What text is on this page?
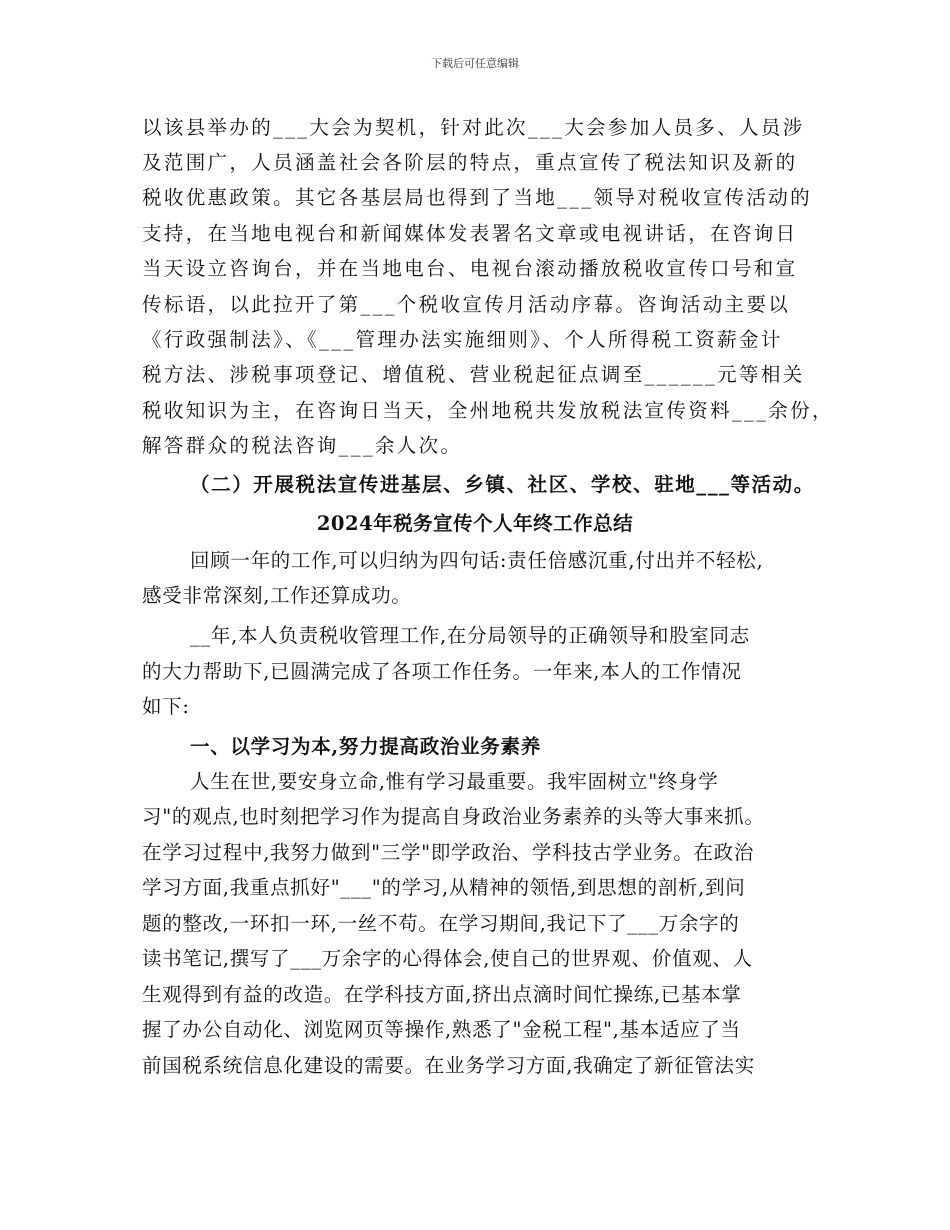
下载后可任意编辑
以该县举办的___大会为契机，针对此次___大会参加人员多、人员涉
及范围广，人员涵盖社会各阶层的特点，重点宣传了税法知识及新的
税收优惠政策。其它各基层局也得到了当地___领导对税收宣传活动的
支持，在当地电视台和新闻媒体发表署名文章或电视讲话，在咨询日
当天设立咨询台，并在当地电台、电视台滚动播放税收宣传口号和宣
传标语，以此拉开了第___个税收宣传月活动序幕。咨询活动主要以
《行政强制法》、《___管理办法实施细则》、个人所得税工资薪金计
税方法、涉税事项登记、增值税、营业税起征点调至______元等相关
税收知识为主，在咨询日当天，全州地税共发放税法宣传资料___余份，
解答群众的税法咨询___余人次。
（二）开展税法宣传进基层、乡镇、社区、学校、驻地___等活动。
2024年税务宣传个人年终工作总结
回顾一年的工作,可以归纳为四句话:责任倍感沉重,付出并不轻松,
感受非常深刻,工作还算成功。
__年,本人负责税收管理工作,在分局领导的正确领导和股室同志
的大力帮助下,已圆满完成了各项工作任务。一年来,本人的工作情况
如下:
一、以学习为本,努力提高政治业务素养
人生在世,要安身立命,惟有学习最重要。我牢固树立"终身学
习"的观点,也时刻把学习作为提高自身政治业务素养的头等大事来抓。
在学习过程中,我努力做到"三学"即学政治、学科技古学业务。在政治
学习方面,我重点抓好"___"的学习,从精神的领悟,到思想的剖析,到问
题的整改,一环扣一环,一丝不苟。在学习期间,我记下了___万余字的
读书笔记,撰写了___万余字的心得体会,使自己的世界观、价值观、人
生观得到有益的改造。在学科技方面,挤出点滴时间忙操练,已基本掌
握了办公自动化、浏览网页等操作,熟悉了"金税工程",基本适应了当
前国税系统信息化建设的需要。在业务学习方面,我确定了新征管法实
